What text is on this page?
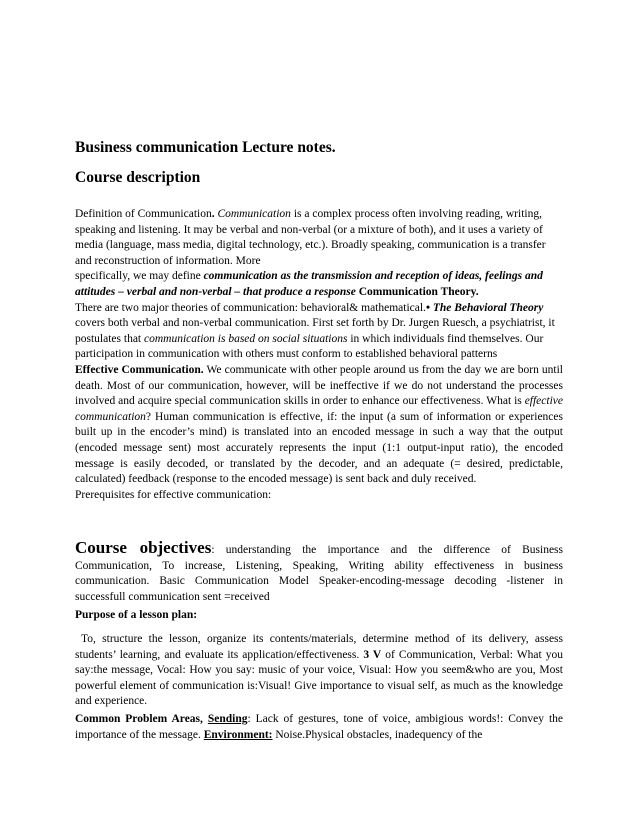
Business communication Lecture notes.
Course description

Definition of Communication. Communication is a complex process often involving reading, writing, speaking and listening. It may be verbal and non-verbal (or a mixture of both), and it uses a variety of media (language, mass media, digital technology, etc.). Broadly speaking, communication is a transfer and reconstruction of information. More
specifically, we may define communication as the transmission and reception of ideas, feelings and attitudes – verbal and non-verbal – that produce a response Communication Theory.
There are two major theories of communication: behavioral& mathematical.• The Behavioral Theory covers both verbal and non-verbal communication. First set forth by Dr. Jurgen Ruesch, a psychiatrist, it postulates that communication is based on social situations in which individuals find themselves. Our participation in communication with others must conform to established behavioral patterns

Effective Communication. We communicate with other people around us from the day we are born until death. Most of our communication, however, will be ineffective if we do not understand the processes involved and acquire special communication skills in order to enhance our effectiveness. What is effective communication? Human communication is effective, if: the input (a sum of information or experiences built up in the encoder’s mind) is translated into an encoded message in such a way that the output (encoded message sent) most accurately represents the input (1:1 output-input ratio), the encoded message is easily decoded, or translated by the decoder, and an adequate (= desired, predictable, calculated) feedback (response to the encoded message) is sent back and duly received.
Prerequisites for effective communication:

Course objectives: understanding the importance and the difference of Business Communication, To increase, Listening, Speaking, Writing ability effectiveness in business communication. Basic Communication Model Speaker-encoding-message decoding -listener in successfull communication sent =received

Purpose of a lesson plan:

To, structure the lesson, organize its contents/materials, determine method of its delivery, assess students’ learning, and evaluate its application/effectiveness. 3 V of Communication, Verbal: What you say:the message, Vocal: How you say: music of your voice, Visual: How you seem&who are you, Most powerful element of communication is:Visual! Give importance to visual self, as much as the knowledge and experience.

Common Problem Areas, Sending: Lack of gestures, tone of voice, ambigious words!: Convey the importance of the message. Environment: Noise.Physical obstacles, inadequency of the
